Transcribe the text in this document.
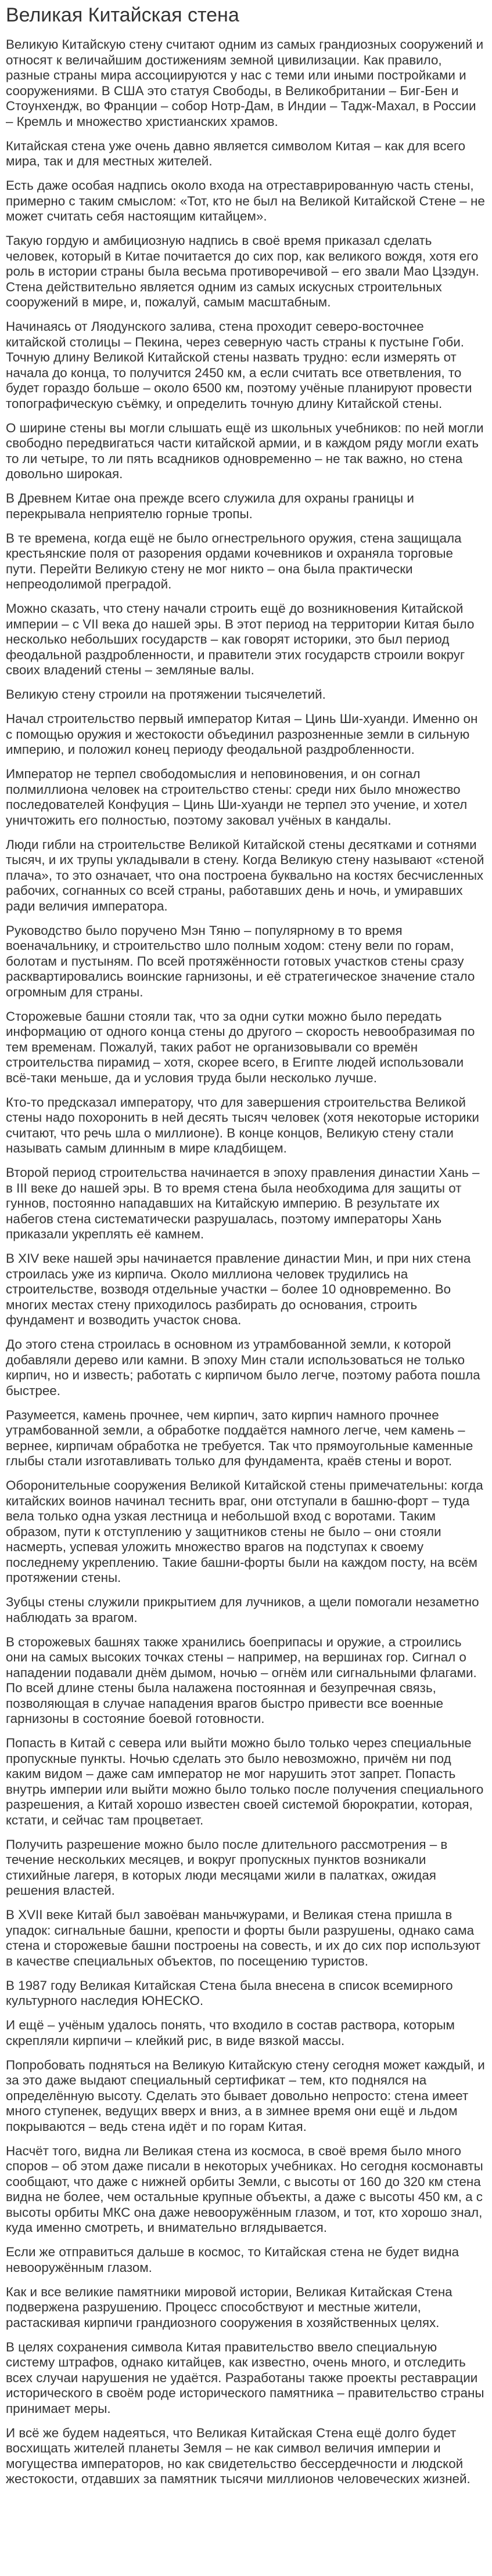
Великая Китайская стена

Великую Китайскую стену считают одним из самых грандиозных сооружений и относят к величайшим достижениям земной цивилизации. Как правило, разные страны мира ассоциируются у нас с теми или иными постройками и сооружениями. В США это статуя Свободы, в Великобритании – Биг-Бен и Стоунхендж, во Франции – собор Нотр-Дам, в Индии – Тадж-Махал, в России – Кремль и множество христианских храмов.

Китайская стена уже очень давно является символом Китая – как для всего мира, так и для местных жителей.

Есть даже особая надпись около входа на отреставрированную часть стены, примерно с таким смыслом: «Тот, кто не был на Великой Китайской Стене – не может считать себя настоящим китайцем».

Такую гордую и амбициозную надпись в своё время приказал сделать человек, который в Китае почитается до сих пор, как великого вождя, хотя его роль в истории страны была весьма противоречивой – его звали Мао Цзэдун. Стена действительно является одним из самых искусных строительных сооружений в мире, и, пожалуй, самым масштабным.

Начинаясь от Ляодунского залива, стена проходит северо-восточнее китайской столицы – Пекина, через северную часть страны к пустыне Гоби. Точную длину Великой Китайской стены назвать трудно: если измерять от начала до конца, то получится 2450 км, а если считать все ответвления, то будет гораздо больше – около 6500 км, поэтому учёные планируют провести топографическую съёмку, и определить точную длину Китайской стены.

О ширине стены вы могли слышать ещё из школьных учебников: по ней могли свободно передвигаться части китайской армии, и в каждом ряду могли ехать то ли четыре, то ли пять всадников одновременно – не так важно, но стена довольно широкая.

В Древнем Китае она прежде всего служила для охраны границы и перекрывала неприятелю горные тропы.

В те времена, когда ещё не было огнестрельного оружия, стена защищала крестьянские поля от разорения ордами кочевников и охраняла торговые пути. Перейти Великую стену не мог никто – она была практически непреодолимой преградой.

Можно сказать, что стену начали строить ещё до возникновения Китайской империи – с VII века до нашей эры. В этот период на территории Китая было несколько небольших государств – как говорят историки, это был период феодальной раздробленности, и правители этих государств строили вокруг своих владений стены – земляные валы.

Великую стену строили на протяжении тысячелетий.

Начал строительство первый император Китая – Цинь Ши-хуанди. Именно он с помощью оружия и жестокости объединил разрозненные земли в сильную империю, и положил конец периоду феодальной раздробленности.

Император не терпел свободомыслия и неповиновения, и он согнал полмиллиона человек на строительство стены: среди них было множество последователей Конфуция – Цинь Ши-хуанди не терпел это учение, и хотел уничтожить его полностью, поэтому заковал учёных в кандалы.

Люди гибли на строительстве Великой Китайской стены десятками и сотнями тысяч, и их трупы укладывали в стену. Когда Великую стену называют «стеной плача», то это означает, что она построена буквально на костях бесчисленных рабочих, согнанных со всей страны, работавших день и ночь, и умиравших ради величия императора.

Руководство было поручено Мэн Тяню – популярному в то время военачальнику, и строительство шло полным ходом: стену вели по горам, болотам и пустыням. По всей протяжённости готовых участков стены сразу расквартировались воинские гарнизоны, и её стратегическое значение стало огромным для страны.

Сторожевые башни стояли так, что за одни сутки можно было передать информацию от одного конца стены до другого – скорость невообразимая по тем временам. Пожалуй, таких работ не организовывали со времён строительства пирамид – хотя, скорее всего, в Египте людей использовали всё-таки меньше, да и условия труда были несколько лучше.

Кто-то предсказал императору, что для завершения строительства Великой стены надо похоронить в ней десять тысяч человек (хотя некоторые историки считают, что речь шла о миллионе). В конце концов, Великую стену стали называть самым длинным в мире кладбищем.

Второй период строительства начинается в эпоху правления династии Хань – в III веке до нашей эры. В то время стена была необходима для защиты от гуннов, постоянно нападавших на Китайскую империю. В результате их набегов стена систематически разрушалась, поэтому императоры Хань приказали укреплять её камнем.

В XIV веке нашей эры начинается правление династии Мин, и при них стена строилась уже из кирпича. Около миллиона человек трудились на строительстве, возводя отдельные участки – более 10 одновременно. Во многих местах стену приходилось разбирать до основания, строить фундамент и возводить участок снова.

До этого стена строилась в основном из утрамбованной земли, к которой добавляли дерево или камни. В эпоху Мин стали использоваться не только кирпич, но и известь; работать с кирпичом было легче, поэтому работа пошла быстрее.

Разумеется, камень прочнее, чем кирпич, зато кирпич намного прочнее утрамбованной земли, а обработке поддаётся намного легче, чем камень – вернее, кирпичам обработка не требуется. Так что прямоугольные каменные глыбы стали изготавливать только для фундамента, краёв стены и ворот.

Оборонительные сооружения Великой Китайской стены примечательны: когда китайских воинов начинал теснить враг, они отступали в башню-форт – туда вела только одна узкая лестница и небольшой вход с воротами. Таким образом, пути к отступлению у защитников стены не было – они стояли насмерть, успевая уложить множество врагов на подступах к своему последнему укреплению. Такие башни-форты были на каждом посту, на всём протяжении стены.

Зубцы стены служили прикрытием для лучников, а щели помогали незаметно наблюдать за врагом.

В сторожевых башнях также хранились боеприпасы и оружие, а строились они на самых высоких точках стены – например, на вершинах гор. Сигнал о нападении подавали днём дымом, ночью – огнём или сигнальными флагами. По всей длине стены была налажена постоянная и безупречная связь, позволяющая в случае нападения врагов быстро привести все военные гарнизоны в состояние боевой готовности.

Попасть в Китай с севера или выйти можно было только через специальные пропускные пункты. Ночью сделать это было невозможно, причём ни под каким видом – даже сам император не мог нарушить этот запрет. Попасть внутрь империи или выйти можно было только после получения специального разрешения, а Китай хорошо известен своей системой бюрократии, которая, кстати, и сейчас там процветает.

Получить разрешение можно было после длительного рассмотрения – в течение нескольких месяцев, и вокруг пропускных пунктов возникали стихийные лагеря, в которых люди месяцами жили в палатках, ожидая решения властей.

В XVII веке Китай был завоёван маньчжурами, и Великая стена пришла в упадок: сигнальные башни, крепости и форты были разрушены, однако сама стена и сторожевые башни построены на совесть, и их до сих пор используют в качестве специальных объектов, по посещению туристов.

В 1987 году Великая Китайская Стена была внесена в список всемирного культурного наследия ЮНЕСКО.

И ещё – учёным удалось понять, что входило в состав раствора, которым скрепляли кирпичи – клейкий рис, в виде вязкой массы.

Попробовать подняться на Великую Китайскую стену сегодня может каждый, и за это даже выдают специальный сертификат – тем, кто поднялся на определённую высоту. Сделать это бывает довольно непросто: стена имеет много ступенек, ведущих вверх и вниз, а в зимнее время они ещё и льдом покрываются – ведь стена идёт и по горам Китая.

Насчёт того, видна ли Великая стена из космоса, в своё время было много споров – об этом даже писали в некоторых учебниках. Но сегодня космонавты сообщают, что даже с нижней орбиты Земли, с высоты от 160 до 320 км стена видна не более, чем остальные крупные объекты, а даже с высоты 450 км, а с высоты орбиты МКС она даже невооружённым глазом, и тот, кто хорошо знал, куда именно смотреть, и внимательно вглядывается.

Если же отправиться дальше в космос, то Китайская стена не будет видна невооружённым глазом.

Как и все великие памятники мировой истории, Великая Китайская Стена подвержена разрушению. Процесс способствуют и местные жители, растаскивая кирпичи грандиозного сооружения в хозяйственных целях.

В целях сохранения символа Китая правительство ввело специальную систему штрафов, однако китайцев, как известно, очень много, и отследить всех случаи нарушения не удаётся. Разработаны также проекты реставрации исторического в своём роде исторического памятника – правительство страны принимает меры.

И всё же будем надеяться, что Великая Китайская Стена ещё долго будет восхищать жителей планеты Земля – не как символ величия империи и могущества императоров, но как свидетельство бессердечности и людской жестокости, отдавших за памятник тысячи миллионов человеческих жизней.
